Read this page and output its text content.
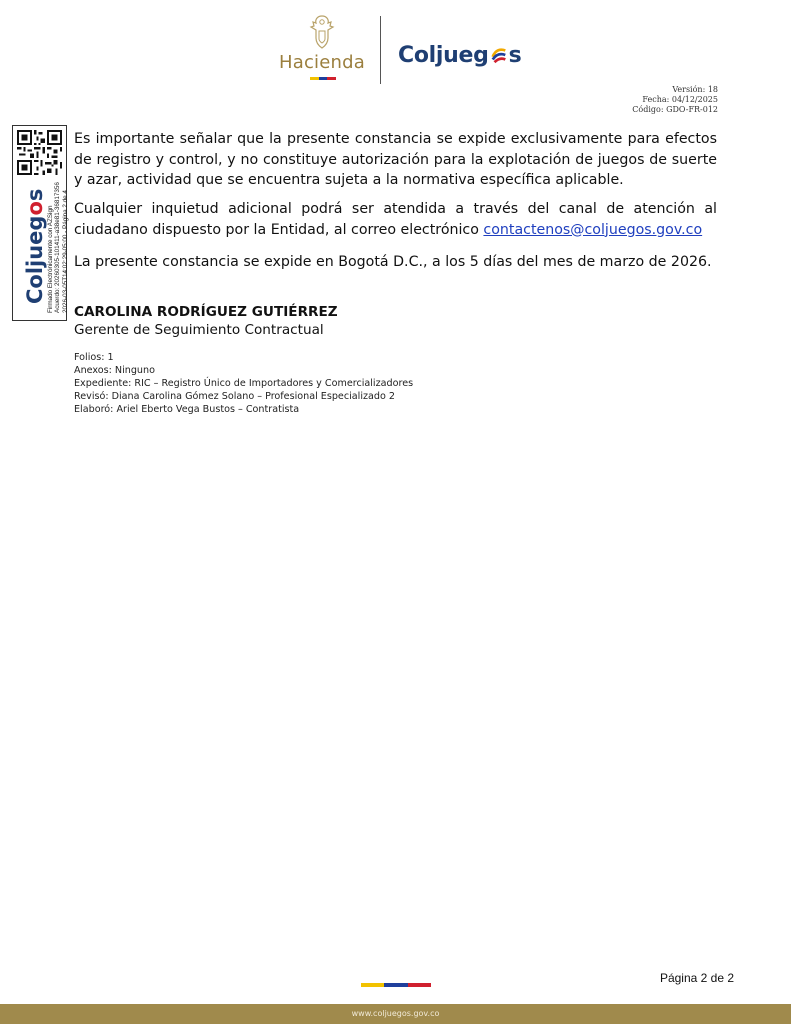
Hacienda	Coljueg s
Versión: 18
Fecha: 04/12/2025
Código: GDO-FR-012
Coljuegos
Firmado Electrónicamente con AZSign Acuerdo: 20260305-101411-a38e81-36817356 2026-03-05T14:02:29-05:00 - Página 2 de 4

Es importante señalar que la presente constancia se expide exclusivamente para efectos de registro y control, y no constituye autorización para la explotación de juegos de suerte y azar, actividad que se encuentra sujeta a la normativa específica aplicable.

Cualquier inquietud adicional podrá ser atendida a través del canal de atención al ciudadano dispuesto por la Entidad, al correo electrónico contactenos@coljuegos.gov.co

La presente constancia se expide en Bogotá D.C., a los 5 días del mes de marzo de 2026.

CAROLINA RODRÍGUEZ GUTIÉRREZ
Gerente de Seguimiento Contractual
Folios: 1
Anexos: Ninguno
Expediente: RIC – Registro Único de Importadores y Comercializadores
Revisó: Diana Carolina Gómez Solano – Profesional Especializado 2
Elaboró: Ariel Eberto Vega Bustos – Contratista
Página 2 de 2
www.coljuegos.gov.co
